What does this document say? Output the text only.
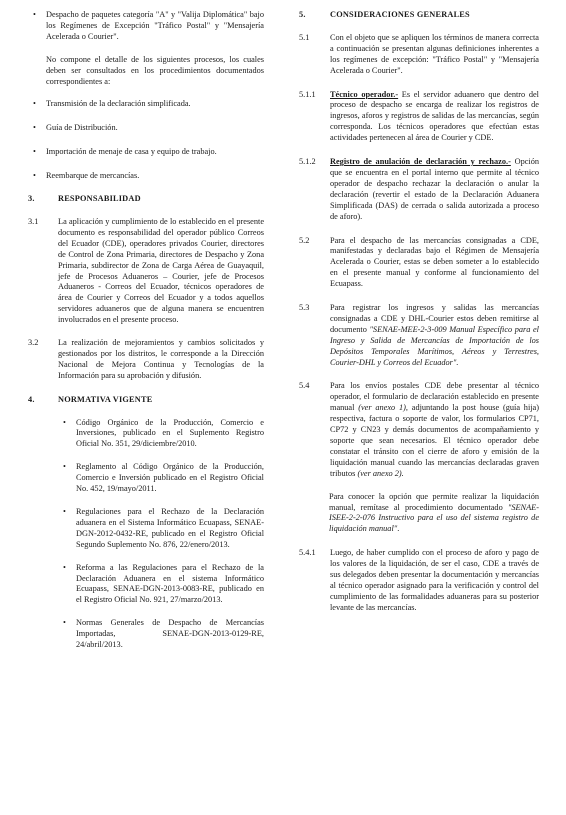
• Despacho de paquetes categoría "A" y "Valija Diplomática" bajo los Regímenes de Excepción "Tráfico Postal" y "Mensajería Acelerada o Courier".

No compone el detalle de los siguientes procesos, los cuales deben ser consultados en los procedimientos documentados correspondientes a:

• Transmisión de la declaración simplificada.
• Guía de Distribución.
• Importación de menaje de casa y equipo de trabajo.
• Reembarque de mercancías.
3.	RESPONSABILIDAD
3.1	La aplicación y cumplimiento de lo establecido en el presente documento es responsabilidad del operador público Correos del Ecuador (CDE), operadores privados Courier, directores de Control de Zona Primaria, directores de Despacho y Zona Primaria, subdirector de Zona de Carga Aérea de Guayaquil, jefe de Procesos Aduaneros – Courier, jefe de Procesos Aduaneros - Correos del Ecuador, técnicos operadores de área de Courier y Correos del Ecuador y a todos aquellos servidores aduaneros que de alguna manera se encuentren involucrados en el presente proceso.
3.2	La realización de mejoramientos y cambios solicitados y gestionados por los distritos, le corresponde a la Dirección Nacional de Mejora Continua y Tecnologías de la Información para su aprobación y difusión.
4.	NORMATIVA VIGENTE
• Código Orgánico de la Producción, Comercio e Inversiones, publicado en el Suplemento Registro Oficial No. 351, 29/diciembre/2010.
• Reglamento al Código Orgánico de la Producción, Comercio e Inversión publicado en el Registro Oficial No. 452, 19/mayo/2011.
• Regulaciones para el Rechazo de la Declaración aduanera en el Sistema Informático Ecuapass, SENAE-DGN-2012-0432-RE, publicado en el Registro Oficial Segundo Suplemento No. 876, 22/enero/2013.
• Reforma a las Regulaciones para el Rechazo de la Declaración Aduanera en el sistema Informático Ecuapass, SENAE-DGN-2013-0083-RE, publicado en el Registro Oficial No. 921, 27/marzo/2013.
• Normas Generales de Despacho de Mercancías Importadas, SENAE-DGN-2013-0129-RE, 24/abril/2013.
5.	CONSIDERACIONES GENERALES
5.1	Con el objeto que se apliquen los términos de manera correcta a continuación se presentan algunas definiciones inherentes a los regímenes de excepción: "Tráfico Postal" y "Mensajería Acelerada o Courier".
5.1.1	Técnico operador.- Es el servidor aduanero que dentro del proceso de despacho se encarga de realizar los registros de ingresos, aforos y registros de salidas de las mercancías, según corresponda. Los técnicos operadores que efectúan estas actividades pertenecen al área de Courier y CDE.
5.1.2	Registro de anulación de declaración y rechazo.- Opción que se encuentra en el portal interno que permite al técnico operador de despacho rechazar la declaración o anular la declaración (revertir el estado de la Declaración Aduanera Simplificada (DAS) de cerrada o salida autorizada a proceso de aforo).
5.2	Para el despacho de las mercancías consignadas a CDE, manifestadas y declaradas bajo el Régimen de Mensajería Acelerada o Courier, estas se deben someter a lo establecido en el presente manual y conforme al funcionamiento del Ecuapass.
5.3	Para registrar los ingresos y salidas las mercancías consignadas a CDE y DHL-Courier estos deben remitirse al documento "SENAE-MEE-2-3-009 Manual Específico para el Ingreso y Salida de Mercancías de Importación de los Depósitos Temporales Marítimos, Aéreos y Terrestres, Courier-DHL y Correos del Ecuador".
5.4	Para los envíos postales CDE debe presentar al técnico operador, el formulario de declaración establecido en presente manual (ver anexo 1), adjuntando la post house (guía hija) respectiva, factura o soporte de valor, los formularios CP71, CP72 y CN23 y demás documentos de acompañamiento y soporte que sean necesarios. El técnico operador debe constatar el tránsito con el cierre de aforo y emisión de la liquidación manual cuando las mercancías declaradas graven tributos (ver anexo 2).

Para conocer la opción que permite realizar la liquidación manual, remítase al procedimiento documentado "SENAE-ISEE-2-2-076 Instructivo para el uso del sistema registro de liquidación manual".

5.4.1	Luego, de haber cumplido con el proceso de aforo y pago de los valores de la liquidación, de ser el caso, CDE a través de sus delegados deben presentar la documentación y mercancías al técnico operador asignado para la verificación y control del cumplimiento de las formalidades aduaneras para su posterior levante de las mercancías.
